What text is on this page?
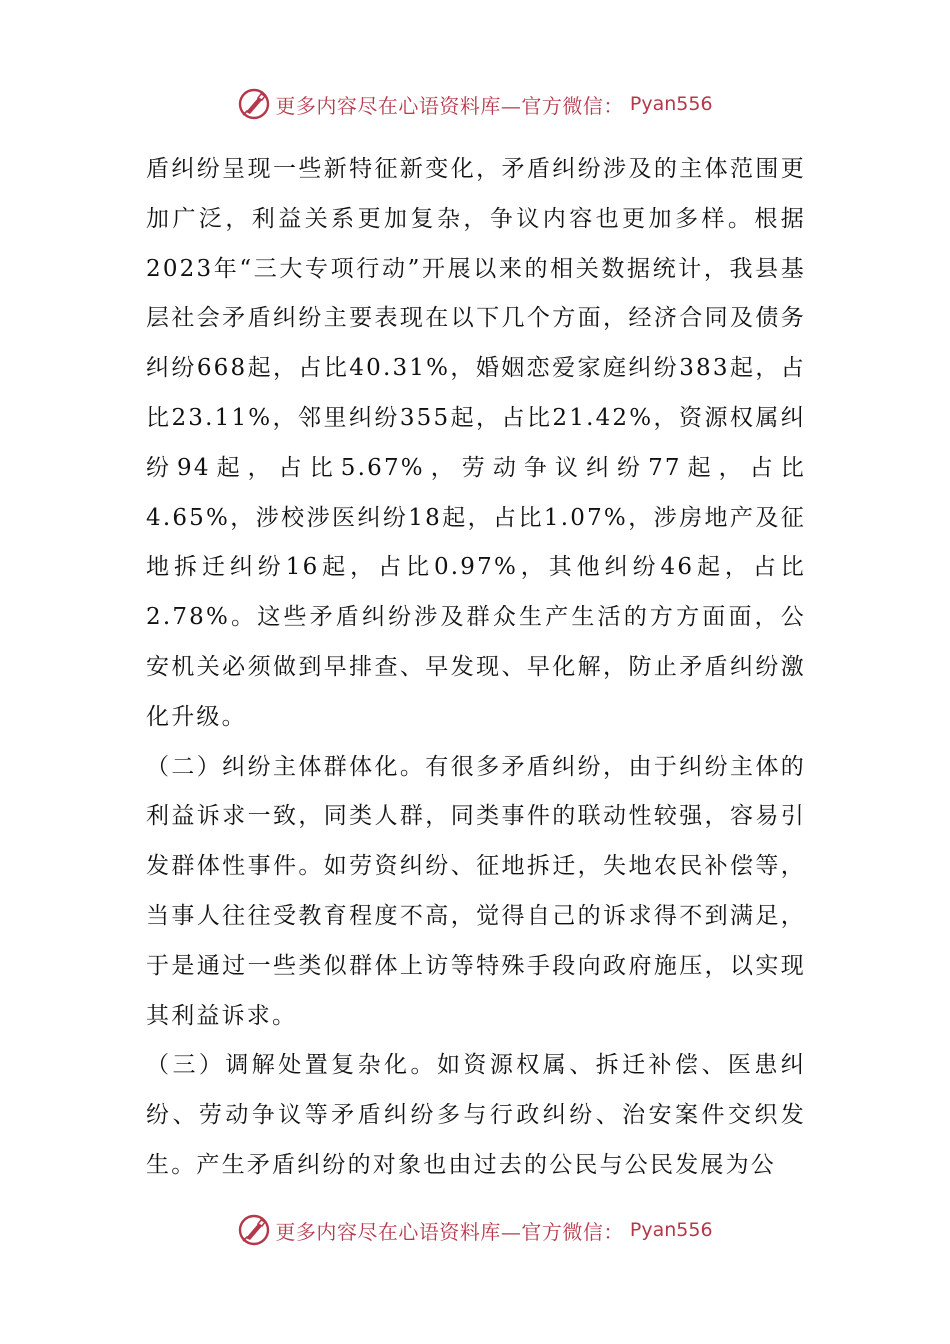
更多内容尽在心语资料库—官方微信： Pyan556

盾纠纷呈现一些新特征新变化，矛盾纠纷涉及的主体范围更加广泛，利益关系更加复杂，争议内容也更加多样。根据2023年“三大专项行动”开展以来的相关数据统计，我县基层社会矛盾纠纷主要表现在以下几个方面，经济合同及债务纠纷668起，占比40.31%，婚姻恋爱家庭纠纷383起，占比23.11%，邻里纠纷355起，占比21.42%，资源权属纠纷94起，占比5.67%，劳动争议纠纷77起，占比4.65%，涉校涉医纠纷18起，占比1.07%，涉房地产及征地拆迁纠纷16起，占比0.97%，其他纠纷46起，占比2.78%。这些矛盾纠纷涉及群众生产生活的方方面面，公安机关必须做到早排查、早发现、早化解，防止矛盾纠纷激化升级。

（二）纠纷主体群体化。有很多矛盾纠纷，由于纠纷主体的利益诉求一致，同类人群，同类事件的联动性较强，容易引发群体性事件。如劳资纠纷、征地拆迁，失地农民补偿等，当事人往往受教育程度不高，觉得自己的诉求得不到满足，于是通过一些类似群体上访等特殊手段向政府施压，以实现其利益诉求。

（三）调解处置复杂化。如资源权属、拆迁补偿、医患纠纷、劳动争议等矛盾纠纷多与行政纠纷、治安案件交织发生。产生矛盾纠纷的对象也由过去的公民与公民发展为公

更多内容尽在心语资料库—官方微信： Pyan556
